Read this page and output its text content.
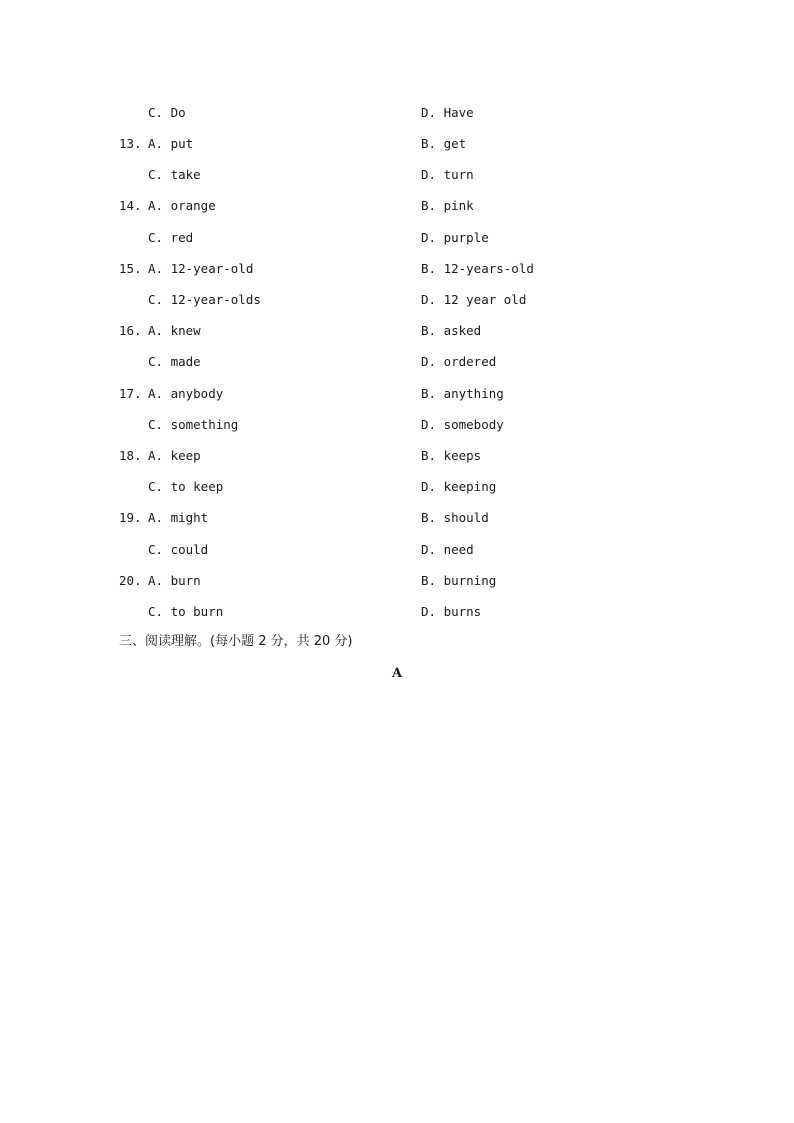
C. Do	D. Have
13. A. put	B. get
C. take	D. turn
14. A. orange	B. pink
C. red	D. purple
15. A. 12-year-old	B. 12-years-old
C. 12-year-olds	D. 12 year old
16. A. knew	B. asked
C. made	D. ordered
17. A. anybody	B. anything
C. something	D. somebody
18. A. keep	B. keeps
C. to keep	D. keeping
19. A. might	B. should
C. could	D. need
20. A. burn	B. burning
C. to burn	D. burns
三、阅读理解。(每小题 2 分，共 20 分)
A
